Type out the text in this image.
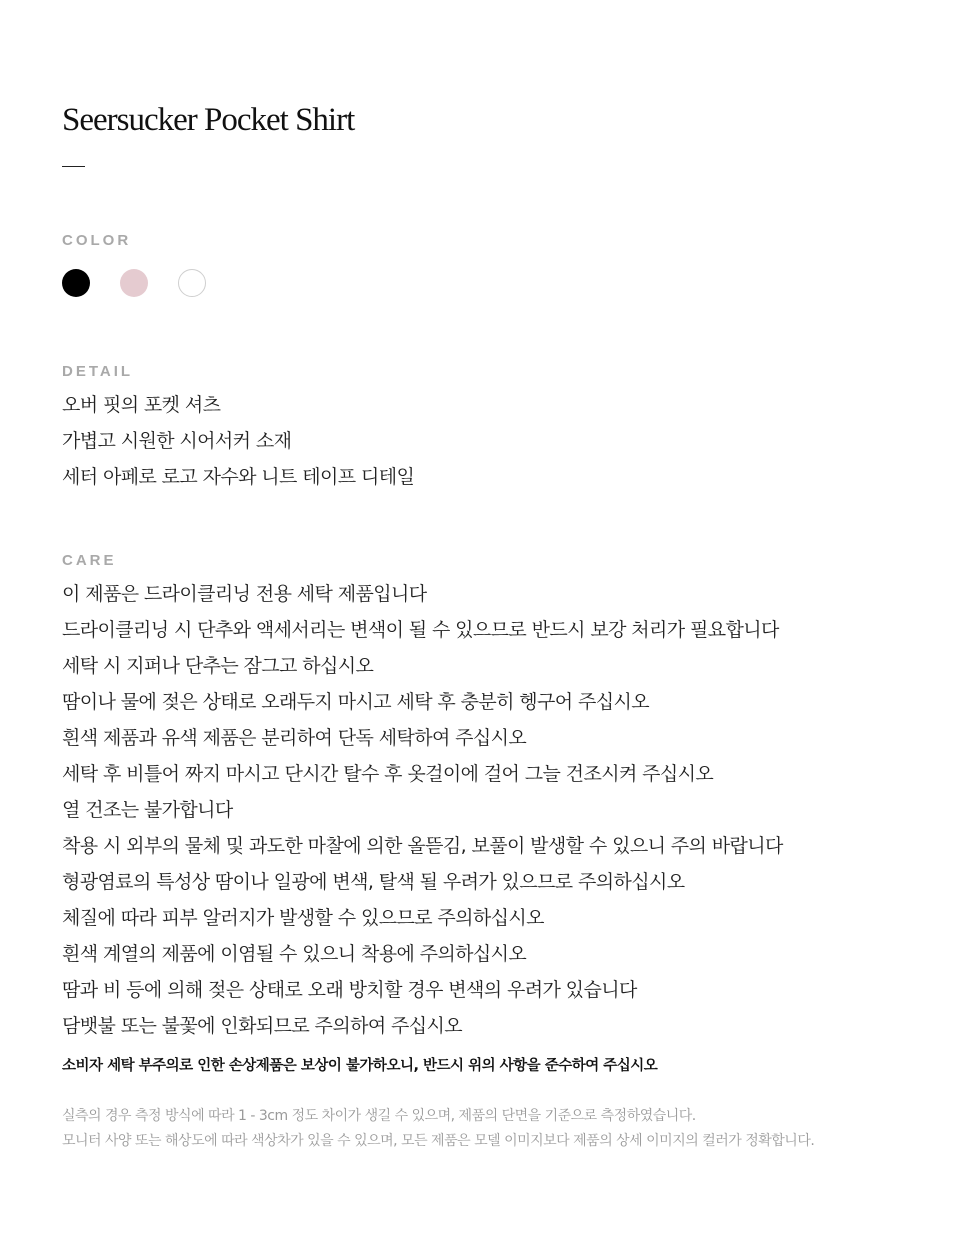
Seersucker Pocket Shirt
COLOR
DETAIL
오버 핏의 포켓 셔츠
가볍고 시원한 시어서커 소재
세터 아페로 로고 자수와 니트 테이프 디테일
CARE
이 제품은 드라이클리닝 전용 세탁 제품입니다
드라이클리닝 시 단추와 액세서리는 변색이 될 수 있으므로 반드시 보강 처리가 필요합니다
세탁 시 지퍼나 단추는 잠그고 하십시오
땀이나 물에 젖은 상태로 오래두지 마시고 세탁 후 충분히 헹구어 주십시오
흰색 제품과 유색 제품은 분리하여 단독 세탁하여 주십시오
세탁 후 비틀어 짜지 마시고 단시간 탈수 후 옷걸이에 걸어 그늘 건조시켜 주십시오
열 건조는 불가합니다
착용 시 외부의 물체 및 과도한 마찰에 의한 올뜯김, 보풀이 발생할 수 있으니 주의 바랍니다
형광염료의 특성상 땀이나 일광에 변색, 탈색 될 우려가 있으므로 주의하십시오
체질에 따라 피부 알러지가 발생할 수 있으므로 주의하십시오
흰색 계열의 제품에 이염될 수 있으니 착용에 주의하십시오
땀과 비 등에 의해 젖은 상태로 오래 방치할 경우 변색의 우려가 있습니다
담뱃불 또는 불꽃에 인화되므로 주의하여 주십시오
소비자 세탁 부주의로 인한 손상제품은 보상이 불가하오니, 반드시 위의 사항을 준수하여 주십시오
실측의 경우 측정 방식에 따라 1 - 3cm 정도 차이가 생길 수 있으며, 제품의 단면을 기준으로 측정하였습니다.
모니터 사양 또는 해상도에 따라 색상차가 있을 수 있으며, 모든 제품은 모델 이미지보다 제품의 상세 이미지의 컬러가 정확합니다.
